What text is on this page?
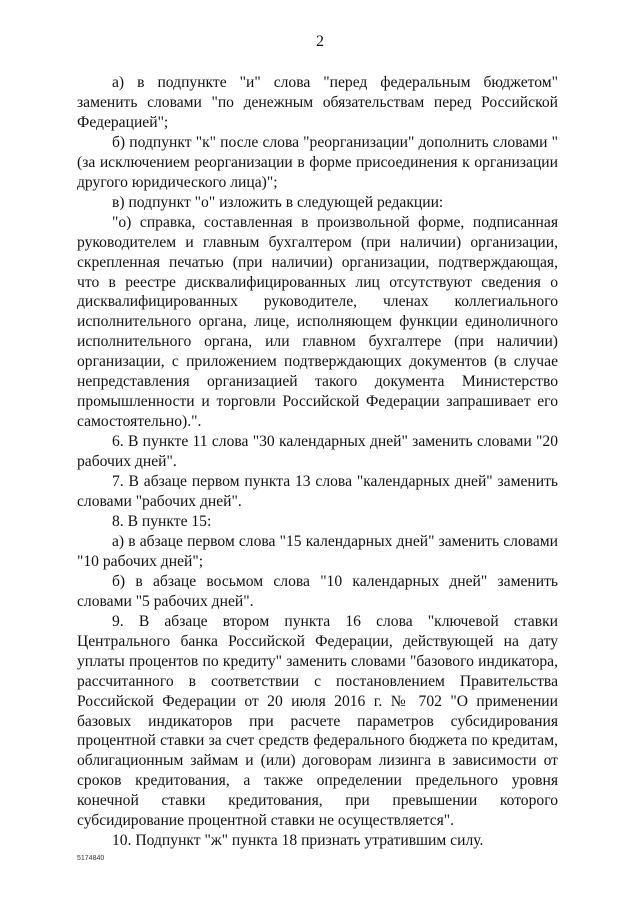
2

а) в подпункте "и" слова "перед федеральным бюджетом" заменить словами "по денежным обязательствам перед Российской Федерацией";

б) подпункт "к" после слова "реорганизации" дополнить словами "(за исключением реорганизации в форме присоединения к организации другого юридического лица)";

в) подпункт "о" изложить в следующей редакции:

"о) справка, составленная в произвольной форме, подписанная руководителем и главным бухгалтером (при наличии) организации, скрепленная печатью (при наличии) организации, подтверждающая, что в реестре дисквалифицированных лиц отсутствуют сведения о дисквалифицированных руководителе, членах коллегиального исполнительного органа, лице, исполняющем функции единоличного исполнительного органа, или главном бухгалтере (при наличии) организации, с приложением подтверждающих документов (в случае непредставления организацией такого документа Министерство промышленности и торговли Российской Федерации запрашивает его самостоятельно).".

6. В пункте 11 слова "30 календарных дней" заменить словами "20 рабочих дней".

7. В абзаце первом пункта 13 слова "календарных дней" заменить словами "рабочих дней".

8. В пункте 15:

а) в абзаце первом слова "15 календарных дней" заменить словами "10 рабочих дней";

б) в абзаце восьмом слова "10 календарных дней" заменить словами "5 рабочих дней".

9. В абзаце втором пункта 16 слова "ключевой ставки Центрального банка Российской Федерации, действующей на дату уплаты процентов по кредиту" заменить словами "базового индикатора, рассчитанного в соответствии с постановлением Правительства Российской Федерации от 20 июля 2016 г. № 702 "О применении базовых индикаторов при расчете параметров субсидирования процентной ставки за счет средств федерального бюджета по кредитам, облигационным займам и (или) договорам лизинга в зависимости от сроков кредитования, а также определении предельного уровня конечной ставки кредитования, при превышении которого субсидирование процентной ставки не осуществляется".

10. Подпункт "ж" пункта 18 признать утратившим силу.

5174840
